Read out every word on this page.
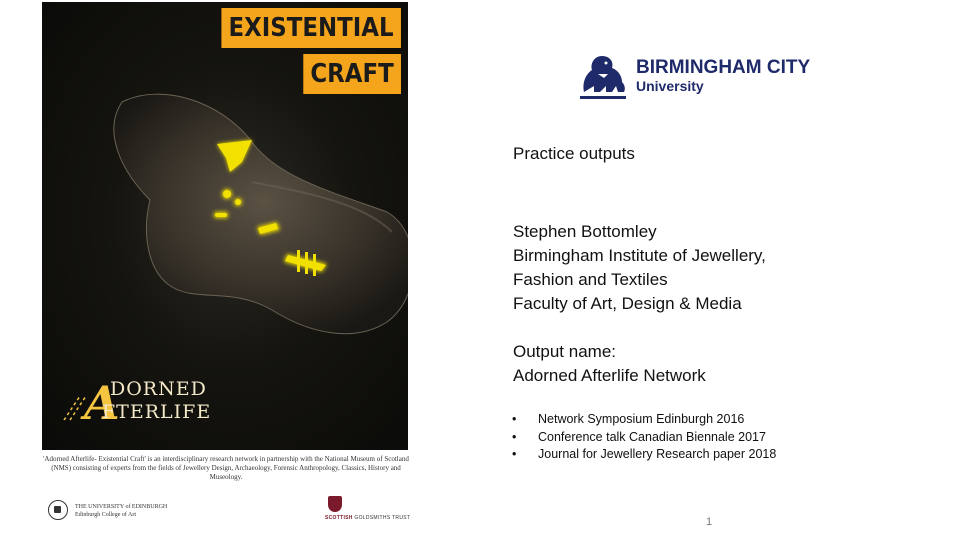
EXISTENTIAL
CRAFT
A
DORNED
FTERLIFE
'Adorned Afterlife- Existential Craft' is an interdisciplinary research network in partnership with the National Museum of Scotland (NMS) consisting of experts from the fields of Jewellery Design, Archaeology, Forensic Anthropology, Classics, History and Museology.
THE UNIVERSITY of EDINBURGH
Edinburgh College of Art	SCOTTISH GOLDSMITHS TRUST
BIRMINGHAM CITY
University
Practice outputs
Stephen Bottomley
Birmingham Institute of Jewellery,
Fashion and Textiles
Faculty of Art, Design & Media
Output name:
Adorned Afterlife Network
• Network Symposium Edinburgh 2016
• Conference talk Canadian Biennale 2017
• Journal for Jewellery Research paper 2018
1
